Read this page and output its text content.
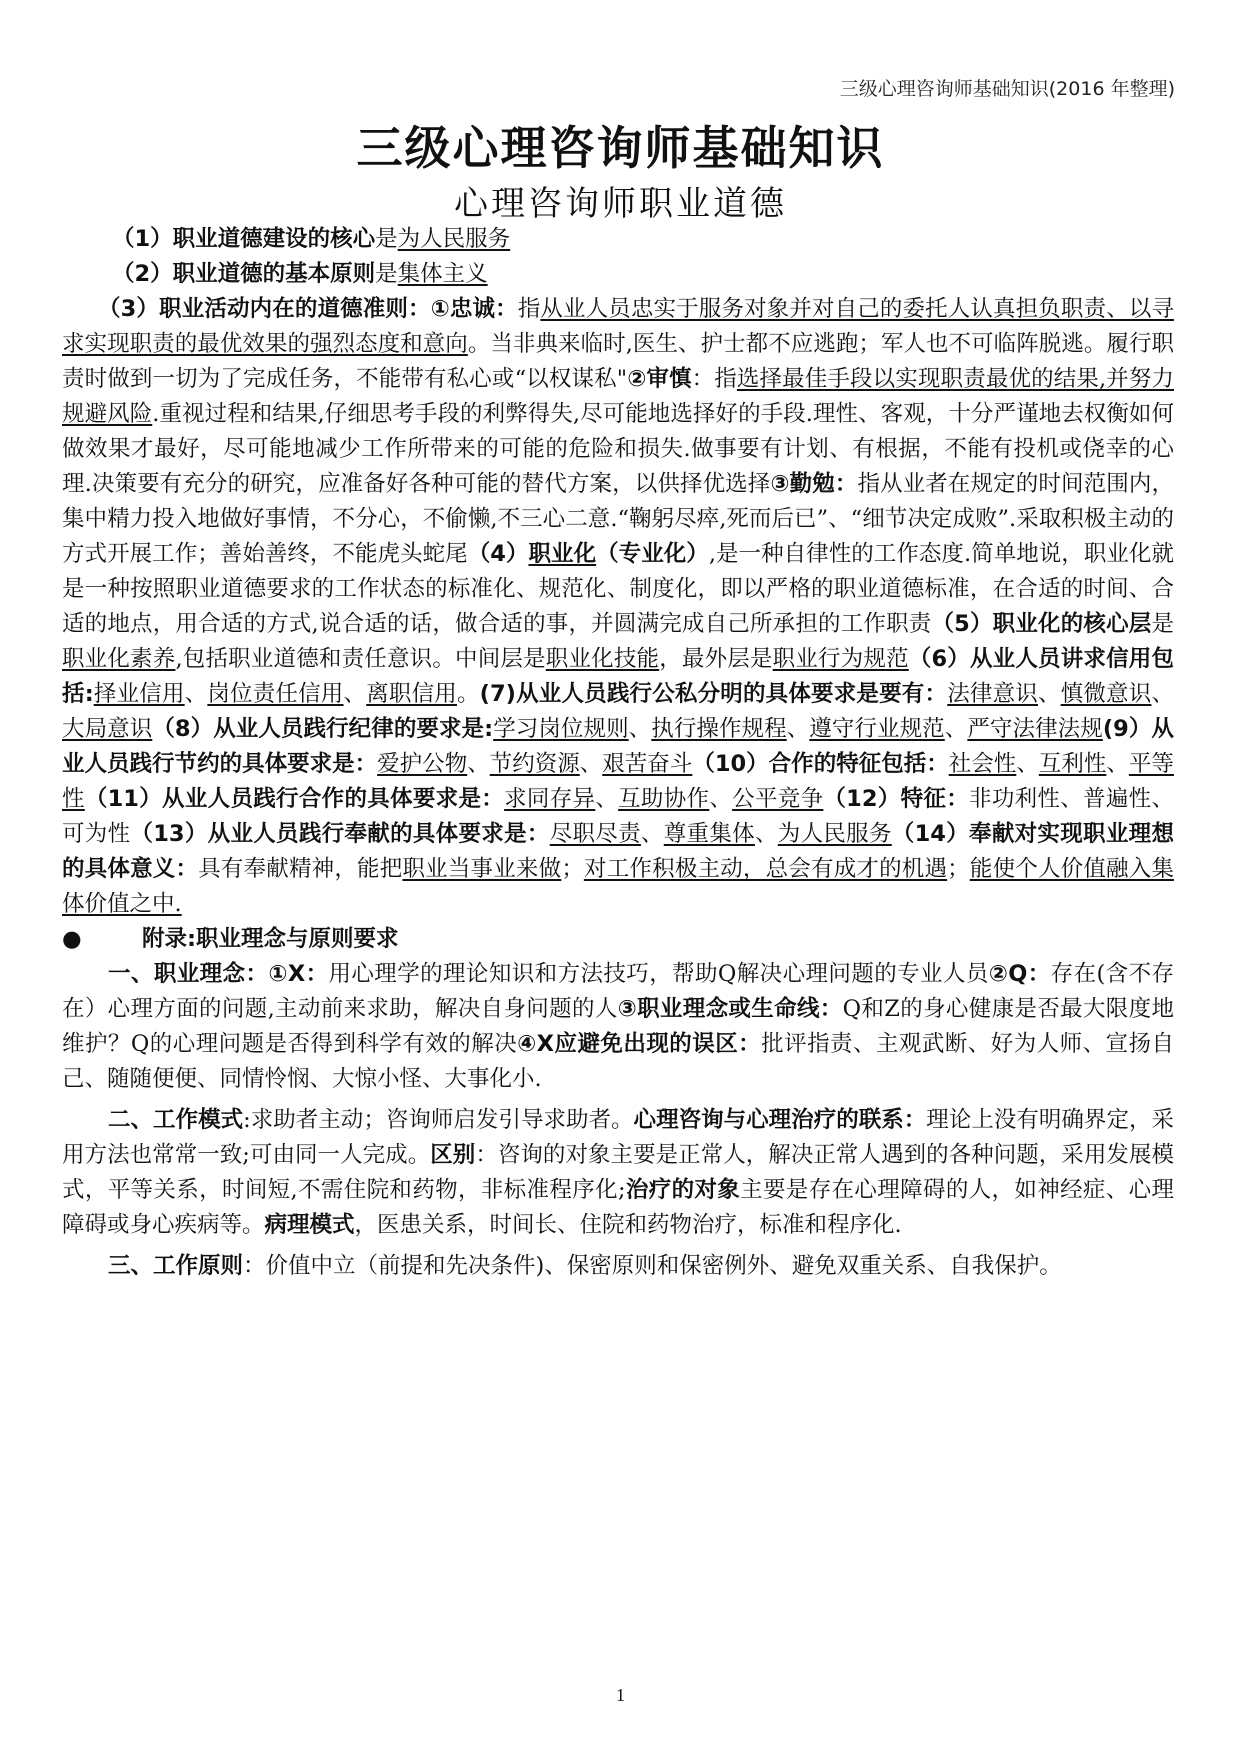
三级心理咨询师基础知识(2016 年整理)
三级心理咨询师基础知识
心理咨询师职业道德

（1）职业道德建设的核心是为人民服务

（2）职业道德的基本原则是集体主义

（3）职业活动内在的道德准则：①忠诚：指从业人员忠实于服务对象并对自己的委托人认真担负职责、以寻求实现职责的最优效果的强烈态度和意向。当非典来临时,医生、护士都不应逃跑；军人也不可临阵脱逃。履行职责时做到一切为了完成任务，不能带有私心或“以权谋私"②审慎：指选择最佳手段以实现职责最优的结果,并努力规避风险.重视过程和结果,仔细思考手段的利弊得失,尽可能地选择好的手段.理性、客观，十分严谨地去权衡如何做效果才最好，尽可能地减少工作所带来的可能的危险和损失.做事要有计划、有根据，不能有投机或侥幸的心理.决策要有充分的研究，应准备好各种可能的替代方案，以供择优选择③勤勉：指从业者在规定的时间范围内，集中精力投入地做好事情，不分心，不偷懒,不三心二意.“鞠躬尽瘁,死而后已”、“细节决定成败”.采取积极主动的方式开展工作；善始善终，不能虎头蛇尾（4）职业化（专业化）,是一种自律性的工作态度.简单地说，职业化就是一种按照职业道德要求的工作状态的标准化、规范化、制度化，即以严格的职业道德标准，在合适的时间、合适的地点，用合适的方式,说合适的话，做合适的事，并圆满完成自己所承担的工作职责（5）职业化的核心层是职业化素养,包括职业道德和责任意识。中间层是职业化技能，最外层是职业行为规范（6）从业人员讲求信用包括:择业信用、岗位责任信用、离职信用。(7)从业人员践行公私分明的具体要求是要有：法律意识、慎微意识、大局意识（8）从业人员践行纪律的要求是:学习岗位规则、执行操作规程、遵守行业规范、严守法律法规(9）从业人员践行节约的具体要求是：爱护公物、节约资源、艰苦奋斗（10）合作的特征包括：社会性、互利性、平等性（11）从业人员践行合作的具体要求是：求同存异、互助协作、公平竞争（12）特征：非功利性、普遍性、可为性（13）从业人员践行奉献的具体要求是：尽职尽责、尊重集体、为人民服务（14）奉献对实现职业理想的具体意义：具有奉献精神，能把职业当事业来做；对工作积极主动，总会有成才的机遇；能使个人价值融入集体价值之中.

●	附录:职业理念与原则要求

一、职业理念：①X：用心理学的理论知识和方法技巧，帮助Q解决心理问题的专业人员②Q：存在(含不存在）心理方面的问题,主动前来求助，解决自身问题的人③职业理念或生命线：Q和Z的身心健康是否最大限度地维护？Q的心理问题是否得到科学有效的解决④X应避免出现的误区：批评指责、主观武断、好为人师、宣扬自己、随随便便、同情怜悯、大惊小怪、大事化小.

二、工作模式:求助者主动；咨询师启发引导求助者。心理咨询与心理治疗的联系：理论上没有明确界定，采用方法也常常一致;可由同一人完成。区别：咨询的对象主要是正常人，解决正常人遇到的各种问题，采用发展模式，平等关系，时间短,不需住院和药物，非标准程序化;治疗的对象主要是存在心理障碍的人，如神经症、心理障碍或身心疾病等。病理模式，医患关系，时间长、住院和药物治疗，标准和程序化.

三、工作原则：价值中立（前提和先决条件)、保密原则和保密例外、避免双重关系、自我保护。

1
